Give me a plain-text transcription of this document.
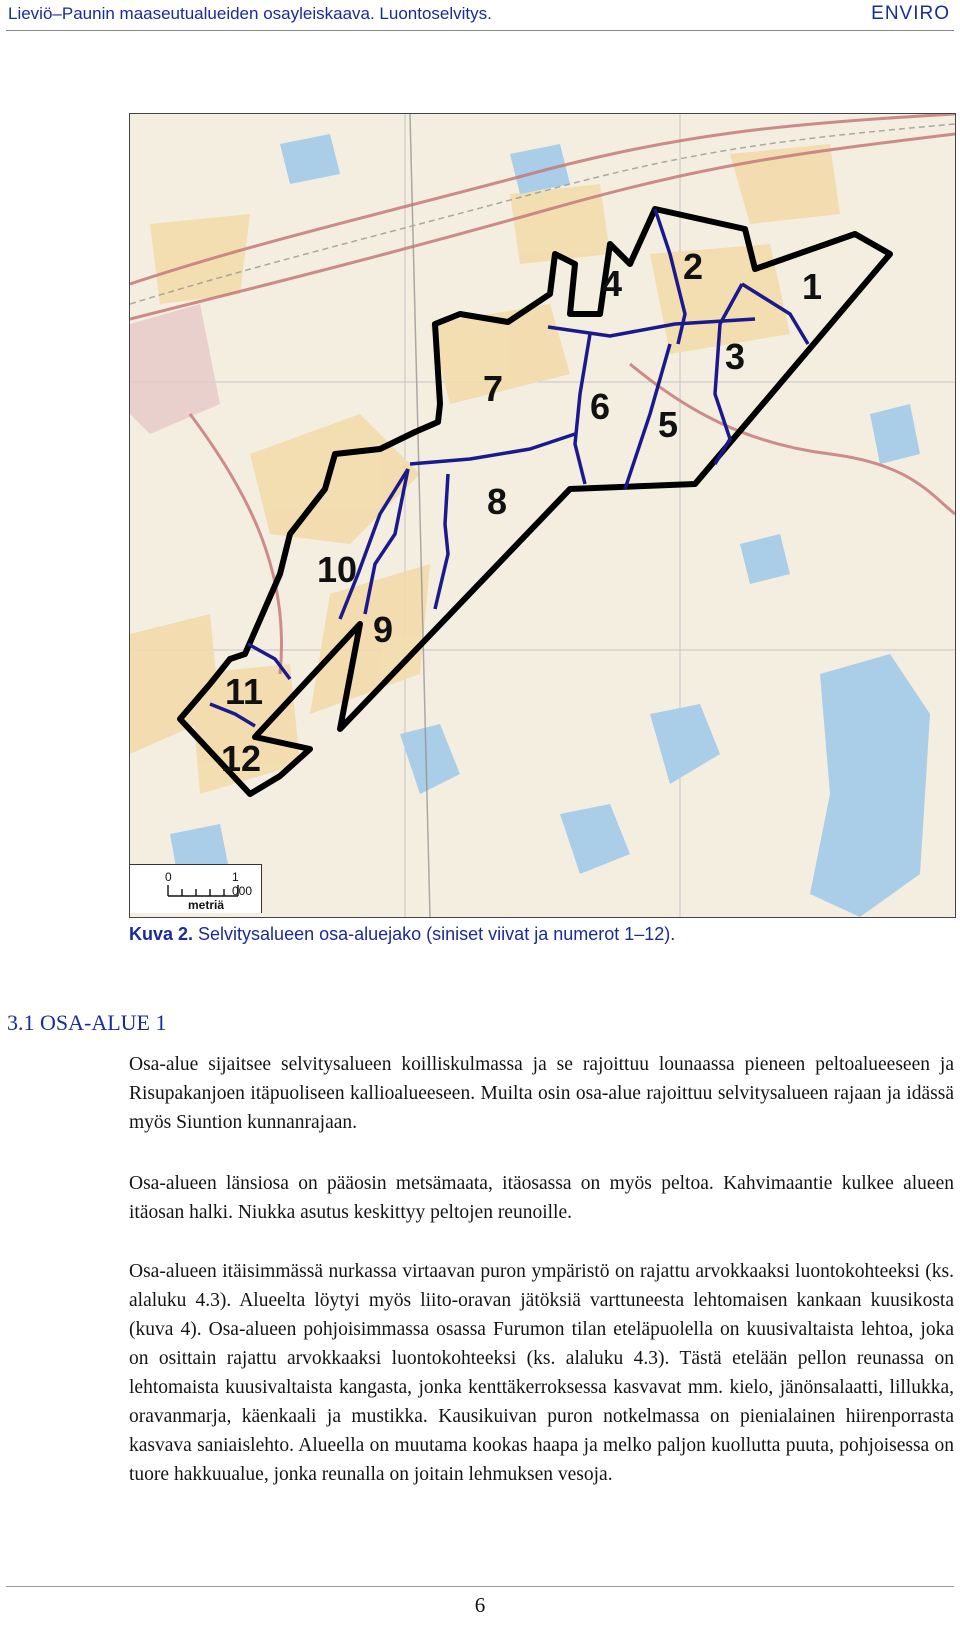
Lieviö–Paunin maaseutualueiden osayleiskaava. Luontoselvitys.	ENVIRO
1
2
3
4
5
6
7
8
9
10
11
12
0	1 000
metriä
Kuva 2. Selvitysalueen osa-aluejako (siniset viivat ja numerot 1–12).
3.1 OSA-ALUE 1

Osa-alue sijaitsee selvitysalueen koilliskulmassa ja se rajoittuu lounaassa pieneen peltoalueeseen ja Risupakanjoen itäpuoliseen kallioalueeseen. Muilta osin osa-alue rajoittuu selvitysalueen rajaan ja idässä myös Siuntion kunnanrajaan.

Osa-alueen länsiosa on pääosin metsämaata, itäosassa on myös peltoa. Kahvimaantie kulkee alueen itäosan halki. Niukka asutus keskittyy peltojen reunoille.

Osa-alueen itäisimmässä nurkassa virtaavan puron ympäristö on rajattu arvokkaaksi luontokohteeksi (ks. alaluku 4.3). Alueelta löytyi myös liito-oravan jätöksiä varttuneesta lehtomaisen kankaan kuusikosta (kuva 4). Osa-alueen pohjoisimmassa osassa Furumon tilan eteläpuolella on kuusivaltaista lehtoa, joka on osittain rajattu arvokkaaksi luontokohteeksi (ks. alaluku 4.3). Tästä etelään pellon reunassa on lehtomaista kuusivaltaista kangasta, jonka kenttäkerroksessa kasvavat mm. kielo, jänönsalaatti, lillukka, oravanmarja, käenkaali ja mustikka. Kausikuivan puron notkelmassa on pienialainen hiirenporrasta kasvava saniaislehto. Alueella on muutama kookas haapa ja melko paljon kuollutta puuta, pohjoisessa on tuore hakkuualue, jonka reunalla on joitain lehmuksen vesoja.

6
